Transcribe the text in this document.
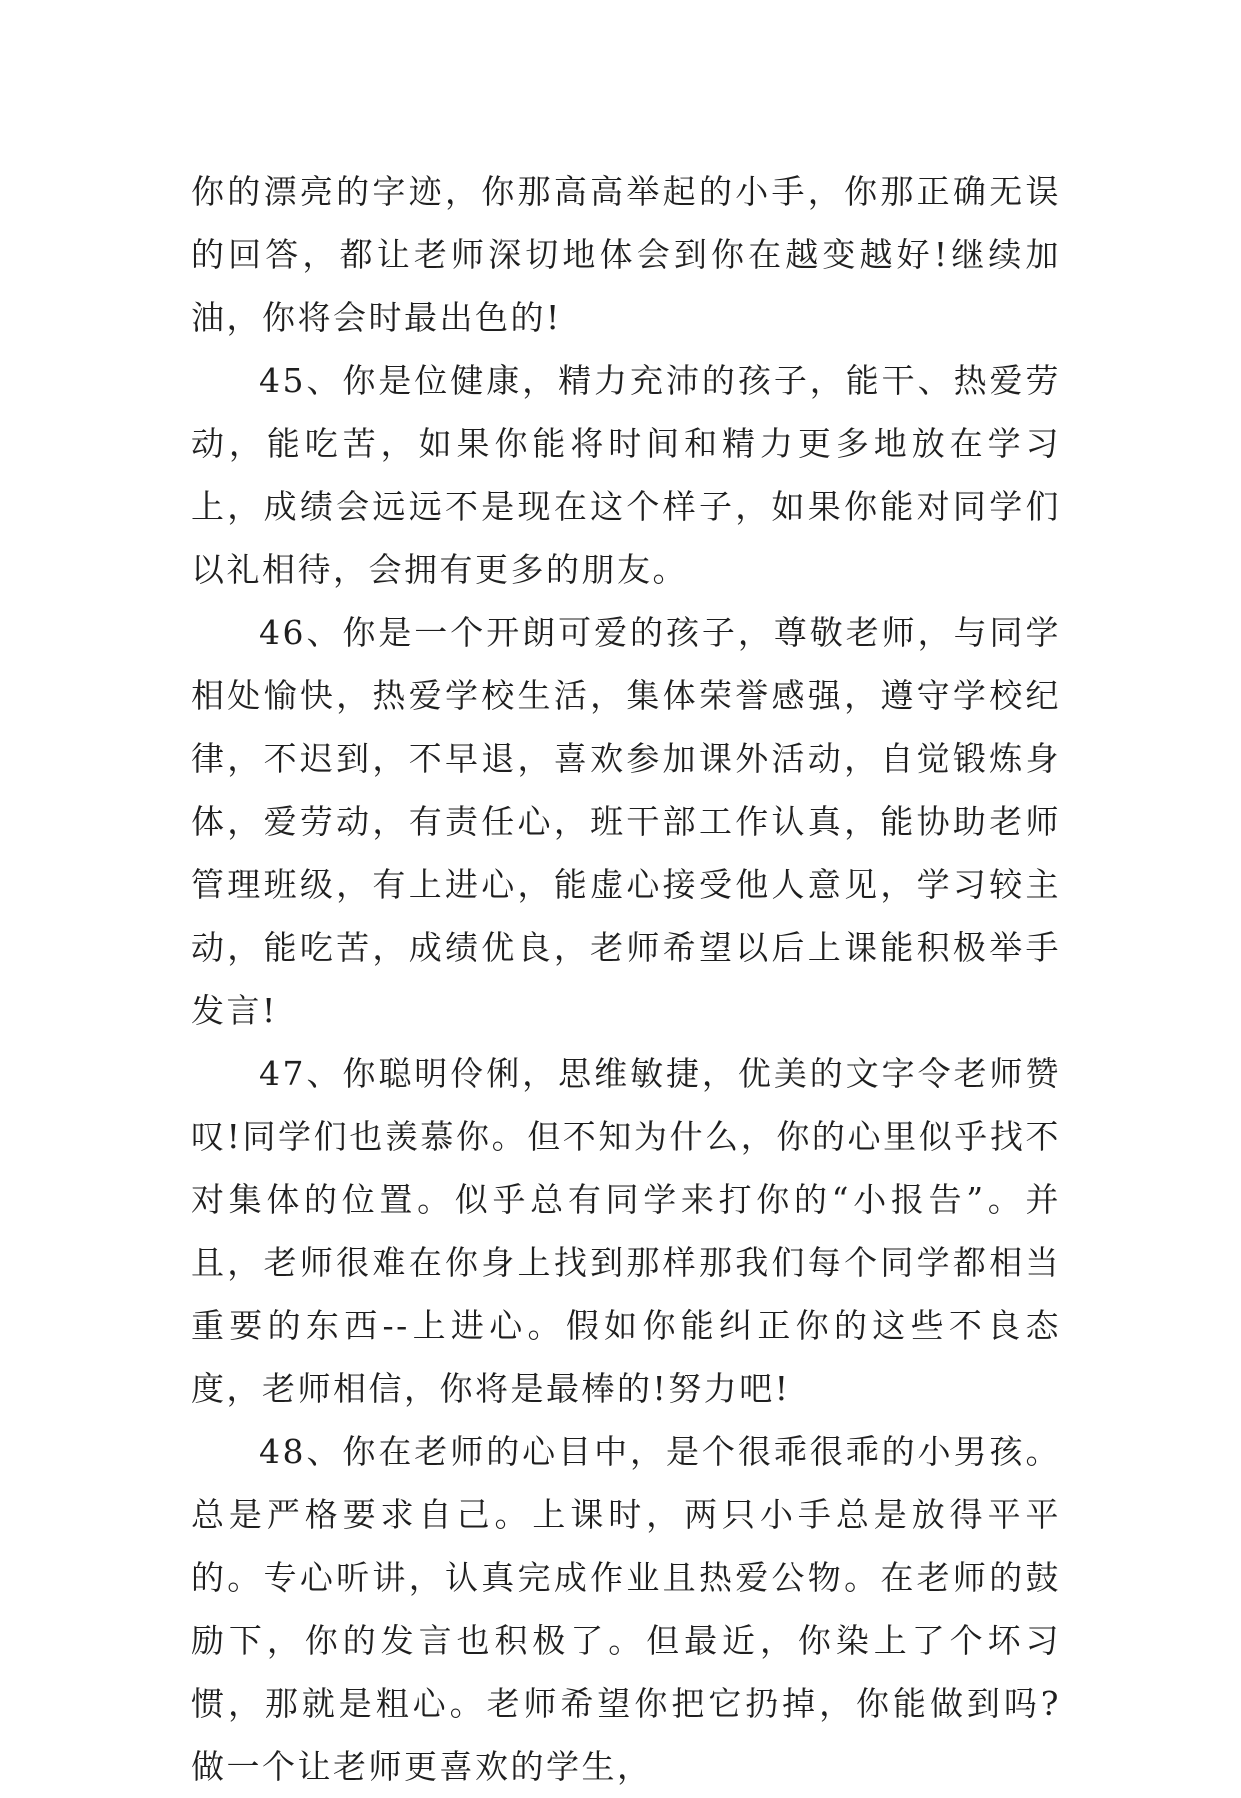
你的漂亮的字迹，你那高高举起的小手，你那正确无误的回答，都让老师深切地体会到你在越变越好!继续加油，你将会时最出色的!

45、你是位健康，精力充沛的孩子，能干、热爱劳动，能吃苦，如果你能将时间和精力更多地放在学习上，成绩会远远不是现在这个样子，如果你能对同学们以礼相待，会拥有更多的朋友。

46、你是一个开朗可爱的孩子，尊敬老师，与同学相处愉快，热爱学校生活，集体荣誉感强，遵守学校纪律，不迟到，不早退，喜欢参加课外活动，自觉锻炼身体，爱劳动，有责任心，班干部工作认真，能协助老师管理班级，有上进心，能虚心接受他人意见，学习较主动，能吃苦，成绩优良，老师希望以后上课能积极举手发言!

47、你聪明伶俐，思维敏捷，优美的文字令老师赞叹!同学们也羡慕你。但不知为什么，你的心里似乎找不对集体的位置。似乎总有同学来打你的“小报告”。并且，老师很难在你身上找到那样那我们每个同学都相当重要的东西--上进心。假如你能纠正你的这些不良态度，老师相信，你将是最棒的!努力吧!

48、你在老师的心目中，是个很乖很乖的小男孩。总是严格要求自己。上课时，两只小手总是放得平平的。专心听讲，认真完成作业且热爱公物。在老师的鼓励下，你的发言也积极了。但最近，你染上了个坏习惯，那就是粗心。老师希望你把它扔掉，你能做到吗?做一个让老师更喜欢的学生，
